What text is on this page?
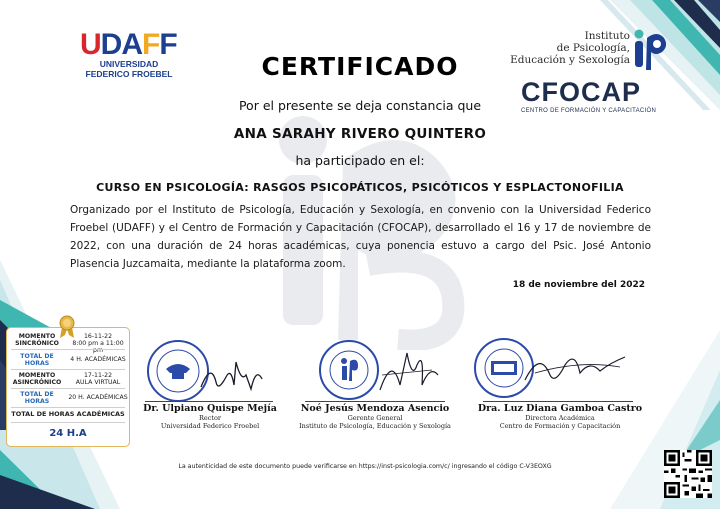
UDAFF
UNIVERSIDAD
FEDERICO FROEBEL
Instituto
de Psicología,
Educación y Sexología
CFOCAP
CENTRO DE FORMACIÓN Y CAPACITACIÓN
CERTIFICADO
Por el presente se deja constancia que
ANA SARAHY RIVERO QUINTERO
ha participado en el:
CURSO EN PSICOLOGÍA: RASGOS PSICOPÁTICOS, PSICÓTICOS Y ESPLACTONOFILIA
Organizado por el Instituto de Psicología, Educación y Sexología, en convenio con la Universidad Federico Froebel (UDAFF) y el Centro de Formación y Capacitación (CFOCAP), desarrollado el 16 y 17 de noviembre de 2022, con una duración de 24 horas académicas, cuya ponencia estuvo a cargo del Psic. José Antonio Plasencia Juzcamaita, mediante la plataforma zoom.
18 de noviembre del 2022
MOMENTO SINCRÓNICO
16-11-22
8:00 pm a 11:00 pm
TOTAL DE HORAS
4 H. ACADÉMICAS
MOMENTO ASINCRÓNICO
17-11-22
AULA VIRTUAL
TOTAL DE HORAS
20 H. ACADÉMICAS
TOTAL DE HORAS ACADÉMICAS
24 H.A
Dr. Ulpiano Quispe Mejía
Rector
Universidad Federico Froebel
Noé Jesús Mendoza Asencio
Gerente General
Instituto de Psicología, Educación y Sexología
Dra. Luz Diana Gamboa Castro
Directora Académica
Centro de Formación y Capacitación
La autenticidad de este documento puede verificarse en https://inst-psicologia.com/c/ ingresando el código C-V3EOXG
